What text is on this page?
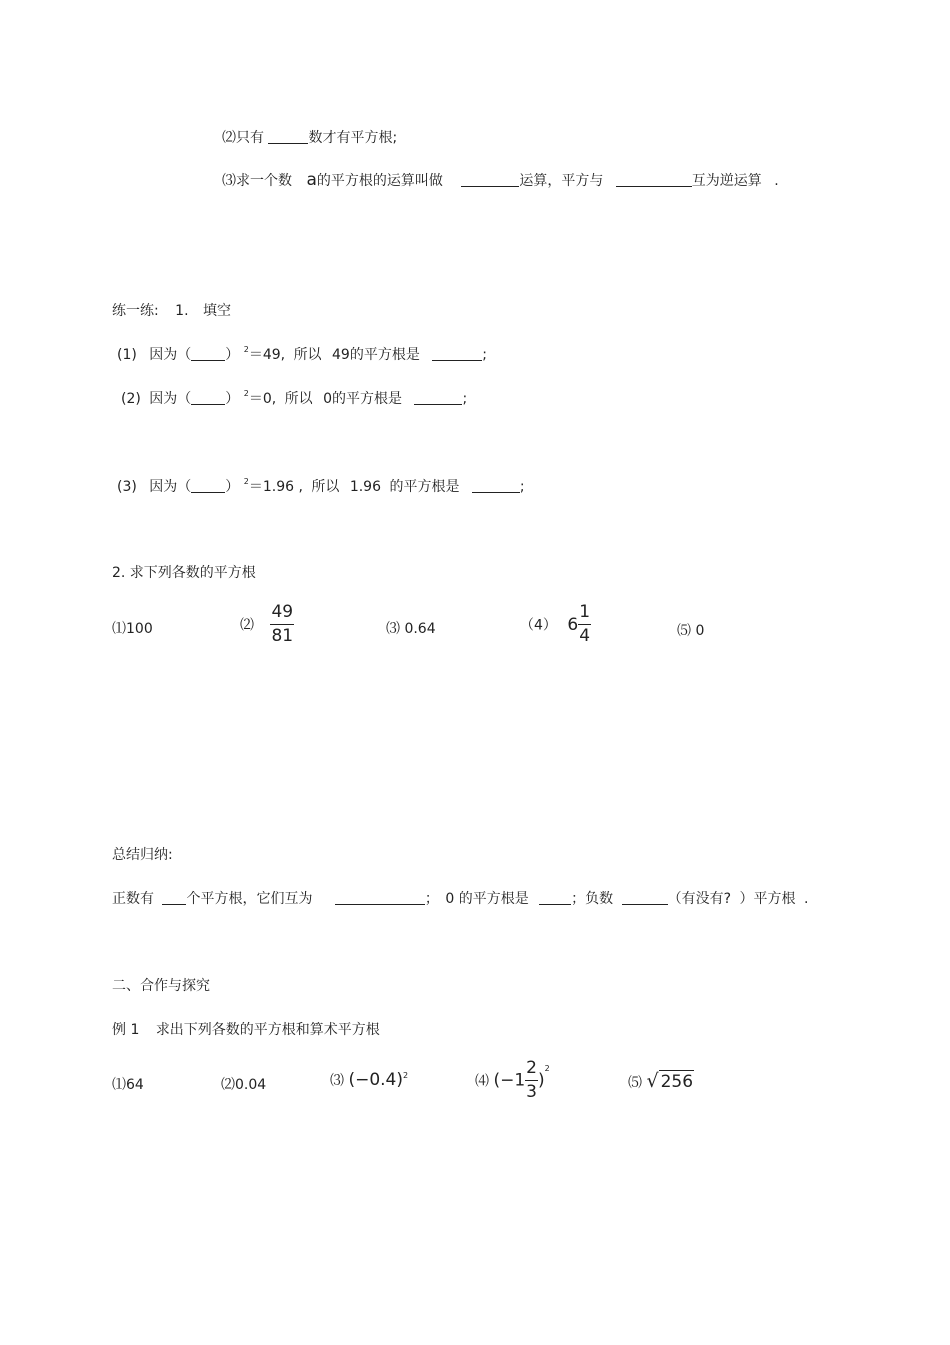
⑵只有	数才有平方根;
⑶求一个数 a的平方根的运算叫做	运算，平方与	互为逆运算 .
练一练: 1. 填空
(1) 因为（ ） $^2$＝49, 所以 49的平方根是	;
(2) 因为（ ） $^2$＝0, 所以 0的平方根是	;
(3) 因为（ ） $^2$＝1.96 , 所以 1.96 的平方根是	;
2. 求下列各数的平方根
⑴100	⑵ $\frac{49}{81}$	⑶ 0.64	（4） $6 \frac{1}{4}$	⑸ 0
总结归纳:
正数有 个平方根，它们互为	； 0 的平方根是	；负数	（有没有? ）平方根 .
二、合作与探究
例 1 求出下列各数的平方根和算术平方根
⑴64	⑵0.04	⑶ $(-0.4)^2$	⑷ $(-1 \frac{2}{3} )^2$
⑸ √ 256
